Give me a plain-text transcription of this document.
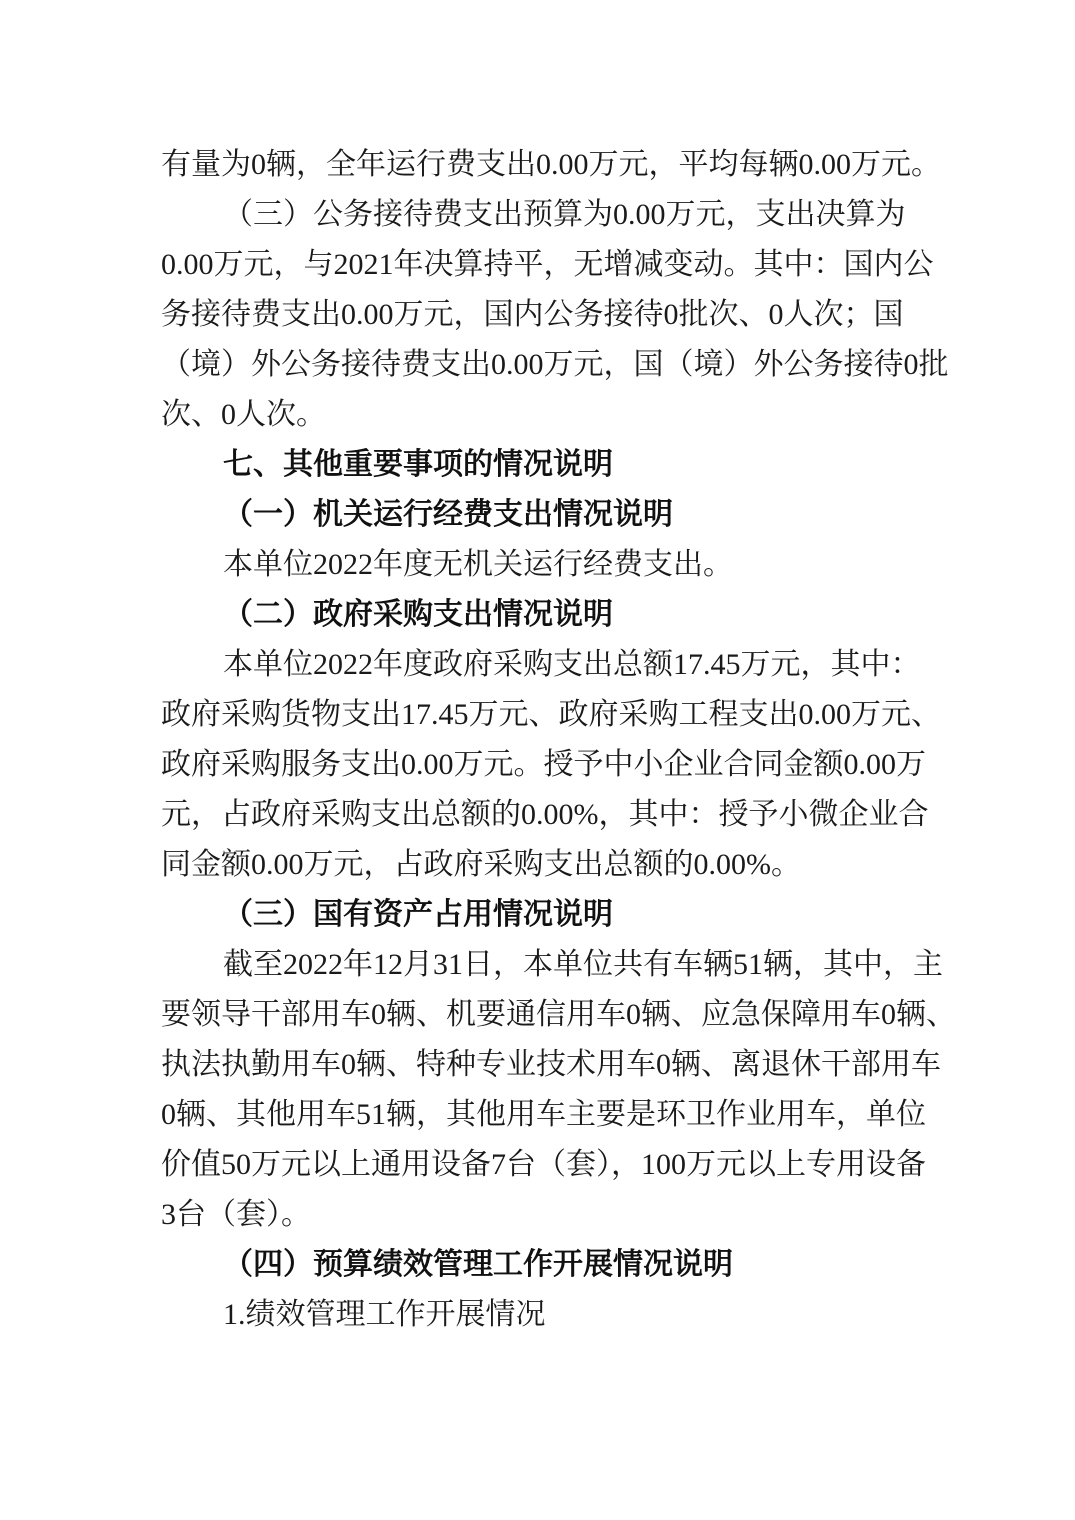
有量为0辆，全年运行费支出0.00万元，平均每辆0.00万元。
（三）公务接待费支出预算为0.00万元，支出决算为
0.00万元，与2021年决算持平，无增减变动。其中：国内公
务接待费支出0.00万元，国内公务接待0批次、0人次；国
（境）外公务接待费支出0.00万元，国（境）外公务接待0批
次、0人次。
七、其他重要事项的情况说明
（一）机关运行经费支出情况说明
本单位2022年度无机关运行经费支出。
（二）政府采购支出情况说明
本单位2022年度政府采购支出总额17.45万元，其中：
政府采购货物支出17.45万元、政府采购工程支出0.00万元、
政府采购服务支出0.00万元。授予中小企业合同金额0.00万
元，占政府采购支出总额的0.00%，其中：授予小微企业合
同金额0.00万元，占政府采购支出总额的0.00%。
（三）国有资产占用情况说明
截至2022年12月31日，本单位共有车辆51辆，其中，主
要领导干部用车0辆、机要通信用车0辆、应急保障用车0辆、
执法执勤用车0辆、特种专业技术用车0辆、离退休干部用车
0辆、其他用车51辆，其他用车主要是环卫作业用车，单位
价值50万元以上通用设备7台（套），100万元以上专用设备
3台（套）。
（四）预算绩效管理工作开展情况说明
1.绩效管理工作开展情况
